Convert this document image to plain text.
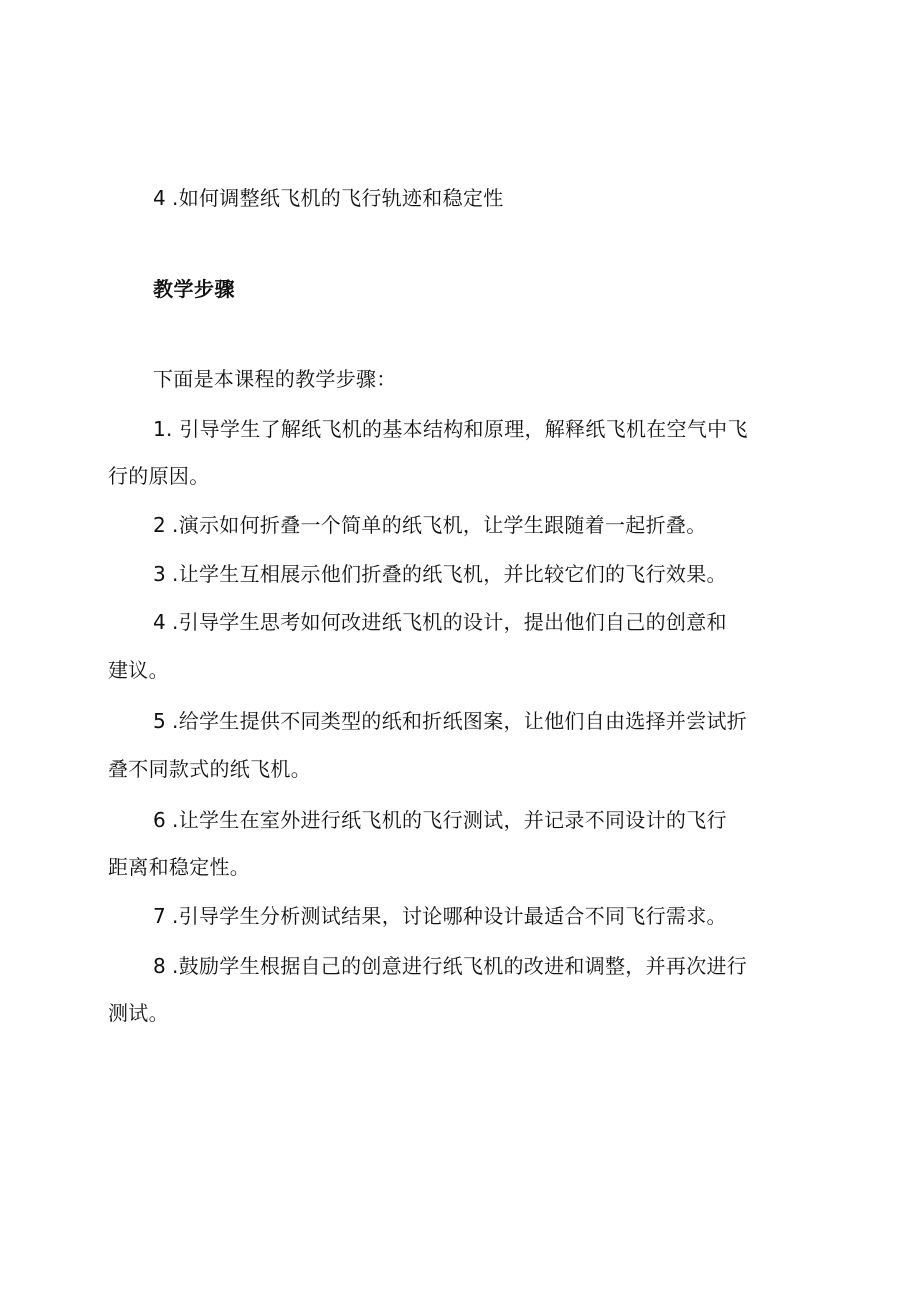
4 .如何调整纸飞机的飞行轨迹和稳定性
教学步骤
下面是本课程的教学步骤：
1. 引导学生了解纸飞机的基本结构和原理，解释纸飞机在空气中飞
行的原因。
2 .演示如何折叠一个简单的纸飞机，让学生跟随着一起折叠。
3 .让学生互相展示他们折叠的纸飞机，并比较它们的飞行效果。
4 .引导学生思考如何改进纸飞机的设计，提出他们自己的创意和
建议。
5 .给学生提供不同类型的纸和折纸图案，让他们自由选择并尝试折
叠不同款式的纸飞机。
6 .让学生在室外进行纸飞机的飞行测试，并记录不同设计的飞行
距离和稳定性。
7 .引导学生分析测试结果，讨论哪种设计最适合不同飞行需求。
8 .鼓励学生根据自己的创意进行纸飞机的改进和调整，并再次进行
测试。
